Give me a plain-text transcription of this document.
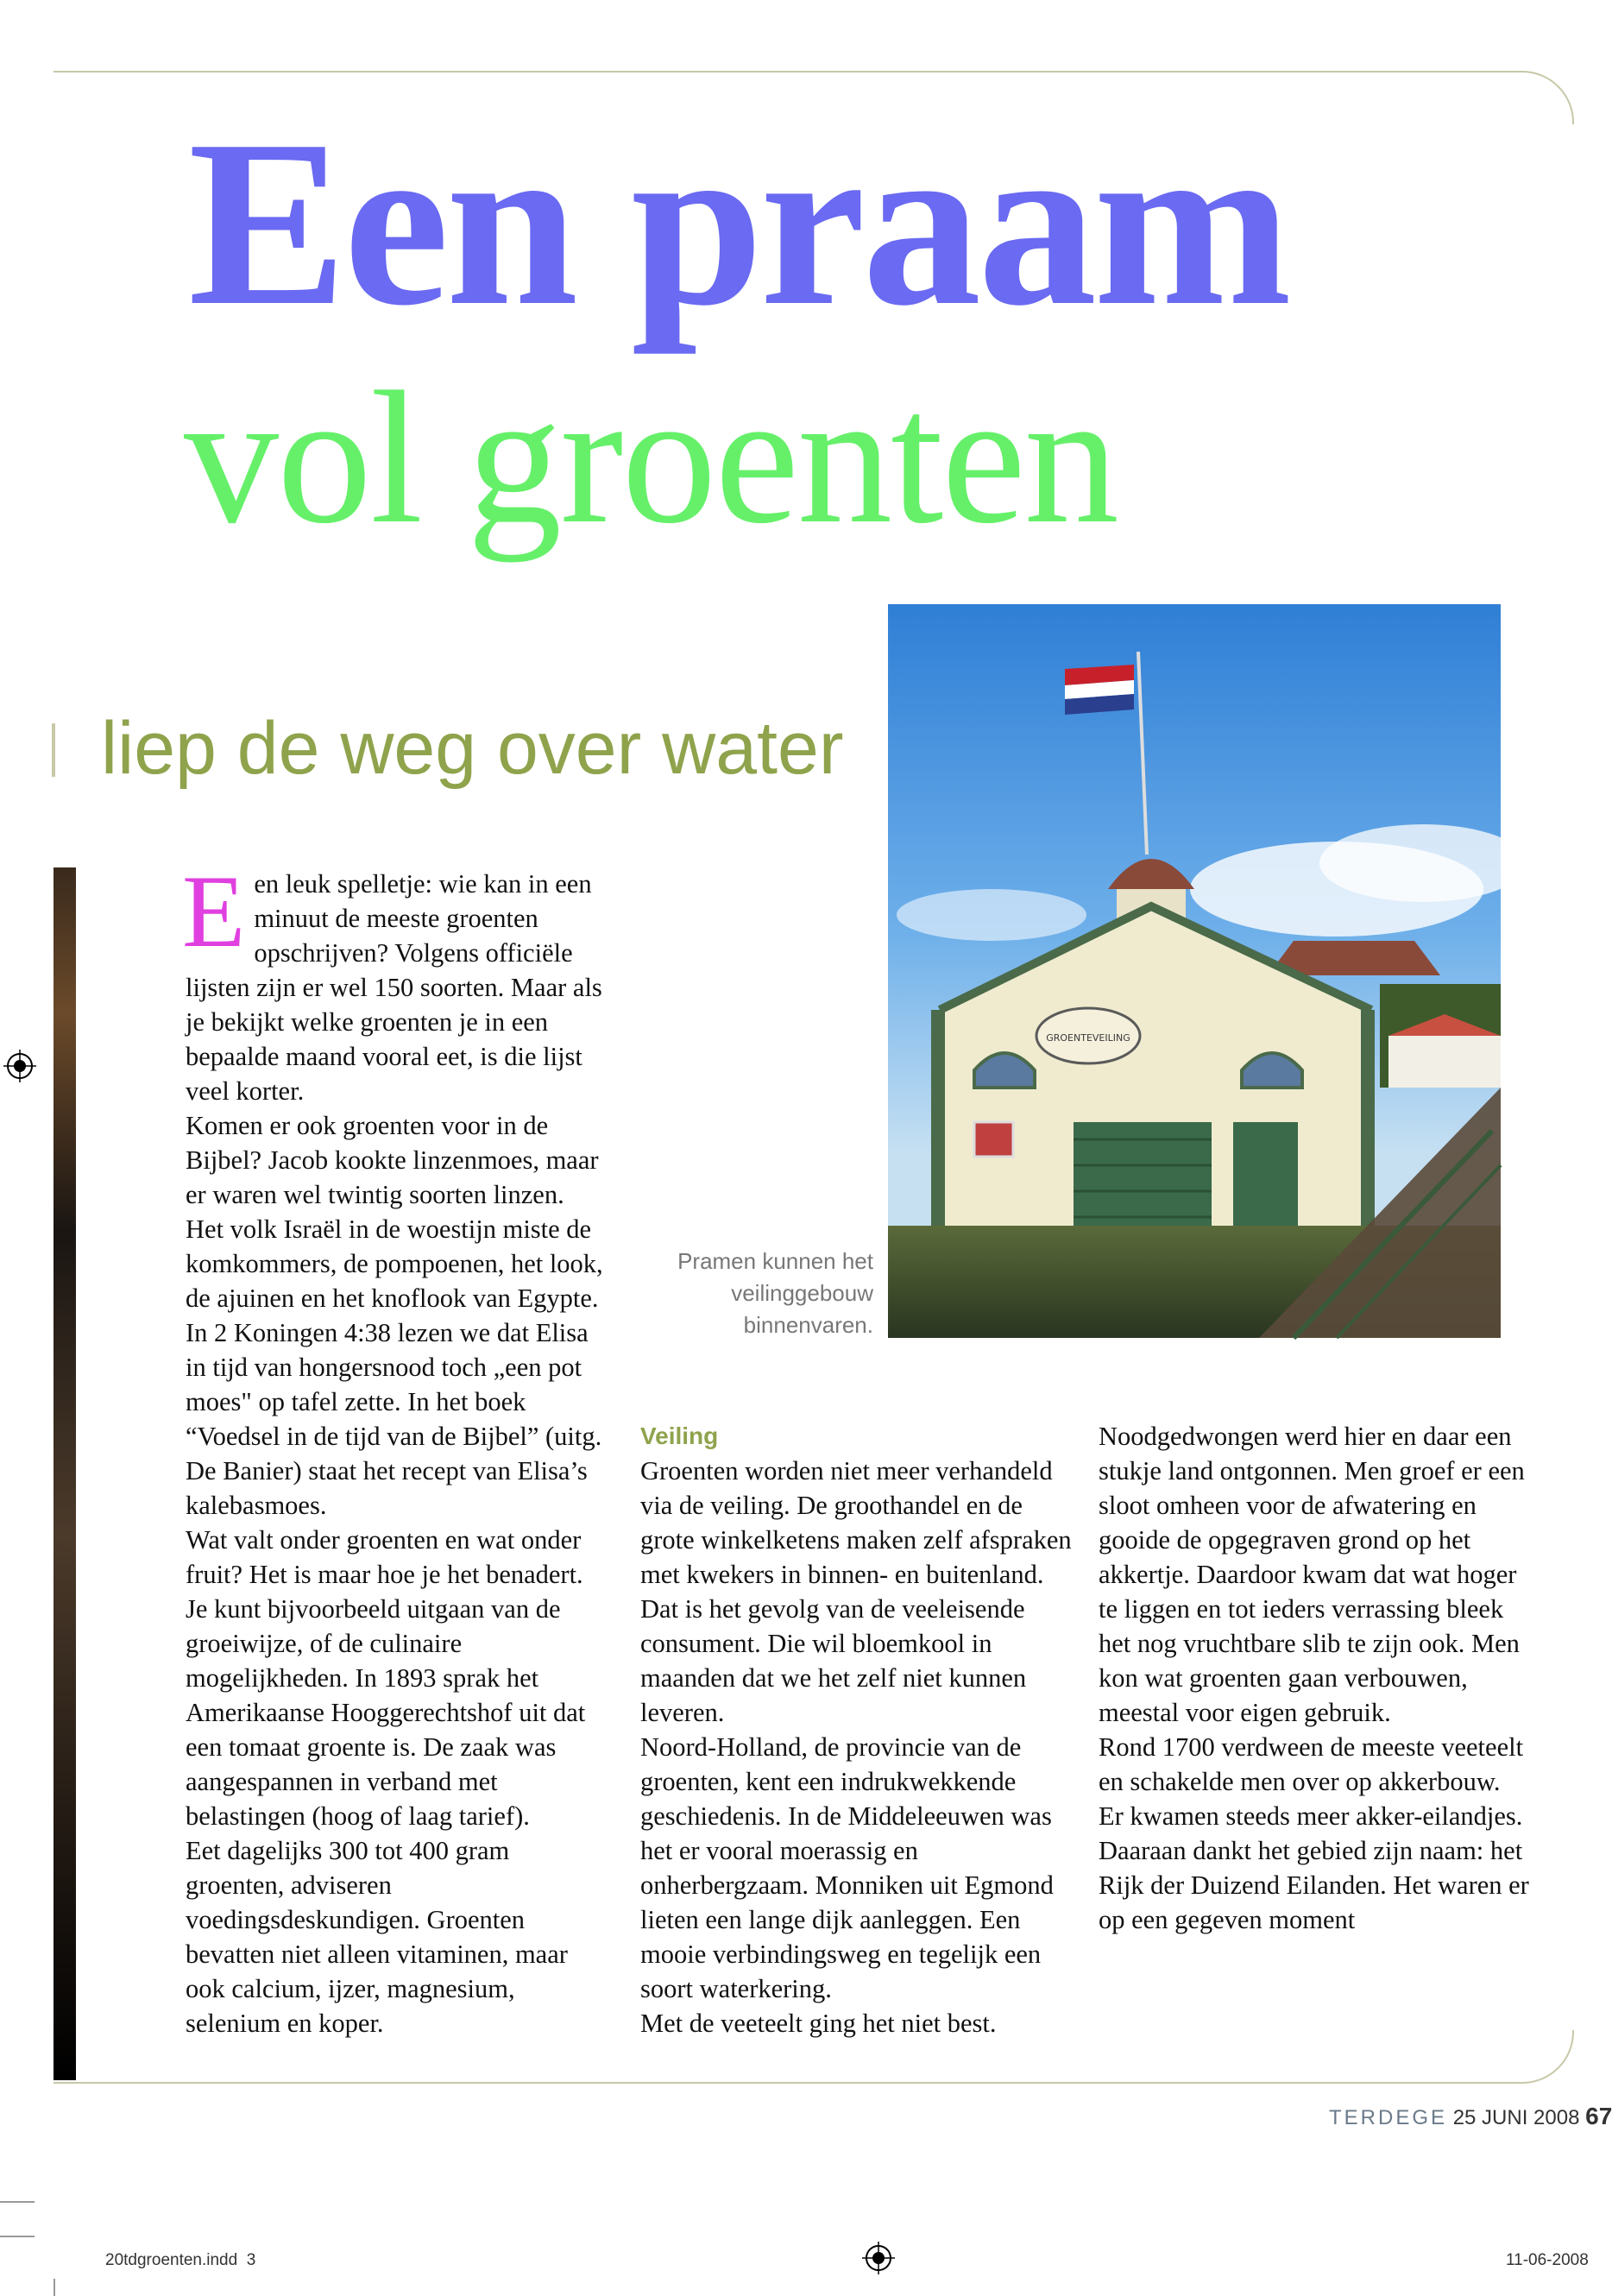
Een praam
vol groenten
liep de weg over water

Een leuk spelletje: wie kan in een minuut de meeste groenten opschrijven? Volgens officiële lijsten zijn er wel 150 soorten. Maar als je bekijkt welke groenten je in een bepaalde maand vooral eet, is die lijst veel korter.

Komen er ook groenten voor in de Bijbel? Jacob kookte linzenmoes, maar er waren wel twintig soorten linzen. Het volk Israël in de woestijn miste de komkommers, de pompoenen, het look, de ajuinen en het knoflook van Egypte. In 2 Koningen 4:38 lezen we dat Elisa in tijd van hongersnood toch „een pot moes" op tafel zette. In het boek “Voedsel in de tijd van de Bijbel” (uitg. De Banier) staat het recept van Elisa’s kalebasmoes.

Wat valt onder groenten en wat onder fruit? Het is maar hoe je het benadert. Je kunt bijvoorbeeld uitgaan van de groeiwijze, of de culinaire mogelijkheden. In 1893 sprak het Amerikaanse Hooggerechtshof uit dat een tomaat groente is. De zaak was aangespannen in verband met belastingen (hoog of laag tarief).

Eet dagelijks 300 tot 400 gram groenten, adviseren voedingsdeskundigen. Groenten bevatten niet alleen vitaminen, maar ook calcium, ijzer, magnesium, selenium en koper.

Pramen kunnen het veilinggebouw binnenvaren.
GROENTEVEILING

Veiling

Groenten worden niet meer verhandeld via de veiling. De groothandel en de grote winkelketens maken zelf afspraken met kwekers in binnen- en buitenland. Dat is het gevolg van de veeleisende consument. Die wil bloemkool in maanden dat we het zelf niet kunnen leveren.

Noord-Holland, de provincie van de groenten, kent een indrukwekkende geschiedenis. In de Middeleeuwen was het er vooral moerassig en onherbergzaam. Monniken uit Egmond lieten een lange dijk aanleggen. Een mooie verbindingsweg en tegelijk een soort waterkering.

Met de veeteelt ging het niet best.

Noodgedwongen werd hier en daar een stukje land ontgonnen. Men groef er een sloot omheen voor de afwatering en gooide de opgegraven grond op het akkertje. Daardoor kwam dat wat hoger te liggen en tot ieders verrassing bleek het nog vruchtbare slib te zijn ook. Men kon wat groenten gaan verbouwen, meestal voor eigen gebruik.

Rond 1700 verdween de meeste veeteelt en schakelde men over op akkerbouw. Er kwamen steeds meer akker-eilandjes. Daaraan dankt het gebied zijn naam: het Rijk der Duizend Eilanden. Het waren er op een gegeven moment

TERDEGE 25 JUNI 2008 67
20tdgroenten.indd 3	11-06-2008
